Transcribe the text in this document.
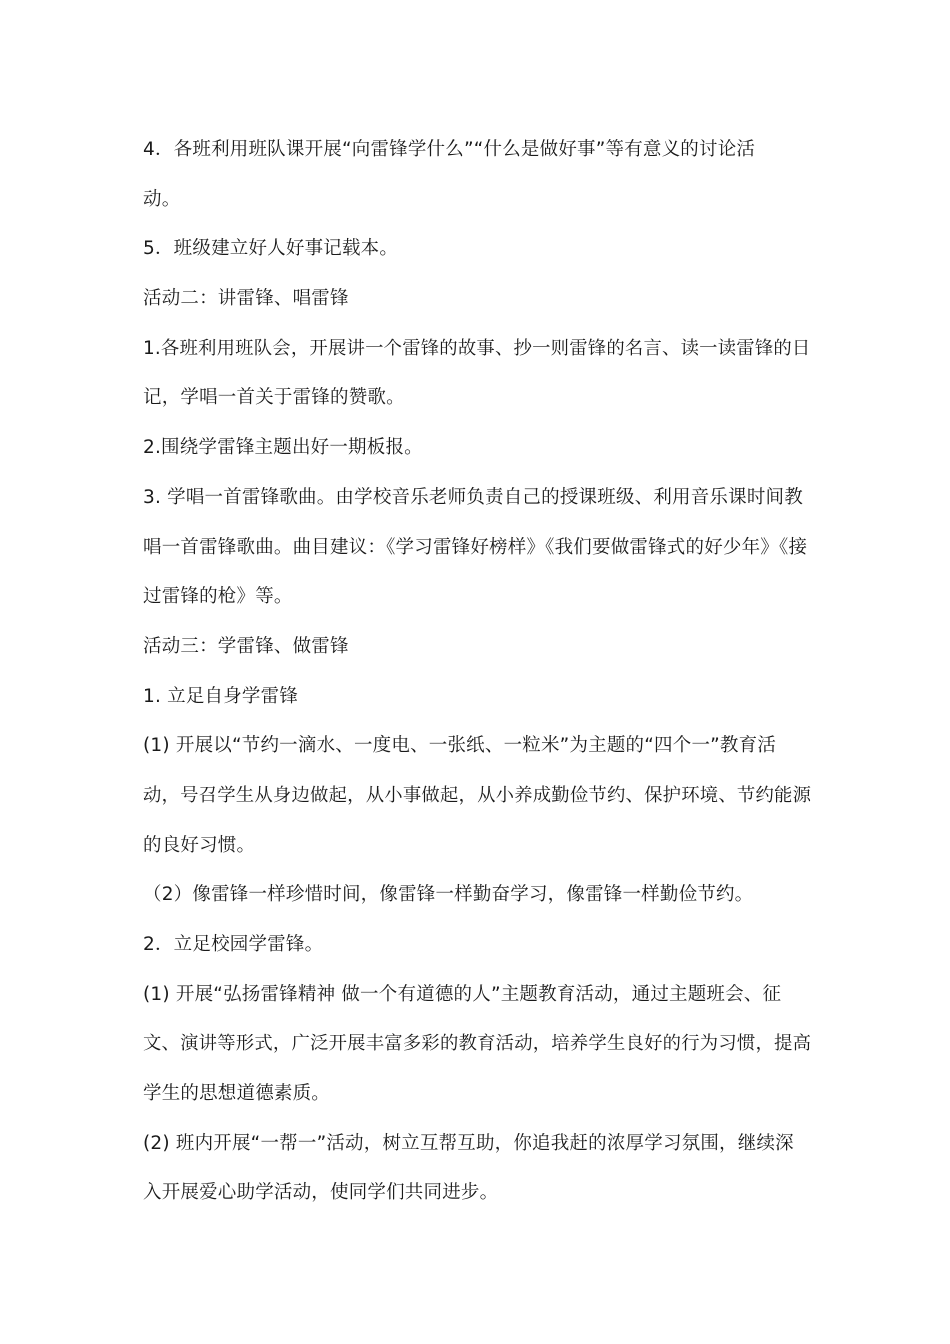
4．各班利用班队课开展“向雷锋学什么”“什么是做好事”等有意义的讨论活
动。
5．班级建立好人好事记载本。
活动二：讲雷锋、唱雷锋
1.各班利用班队会，开展讲一个雷锋的故事、抄一则雷锋的名言、读一读雷锋的日
记，学唱一首关于雷锋的赞歌。
2.围绕学雷锋主题出好一期板报。
3. 学唱一首雷锋歌曲。由学校音乐老师负责自己的授课班级、利用音乐课时间教
唱一首雷锋歌曲。曲目建议：《学习雷锋好榜样》《我们要做雷锋式的好少年》《接
过雷锋的枪》等。
活动三：学雷锋、做雷锋
1. 立足自身学雷锋
(1) 开展以“节约一滴水、一度电、一张纸、一粒米”为主题的“四个一”教育活
动，号召学生从身边做起，从小事做起，从小养成勤俭节约、保护环境、节约能源
的良好习惯。
（2）像雷锋一样珍惜时间，像雷锋一样勤奋学习，像雷锋一样勤俭节约。
2．立足校园学雷锋。
(1) 开展“弘扬雷锋精神 做一个有道德的人”主题教育活动，通过主题班会、征
文、演讲等形式，广泛开展丰富多彩的教育活动，培养学生良好的行为习惯，提高
学生的思想道德素质。
(2) 班内开展“一帮一”活动，树立互帮互助，你追我赶的浓厚学习氛围，继续深
入开展爱心助学活动，使同学们共同进步。
